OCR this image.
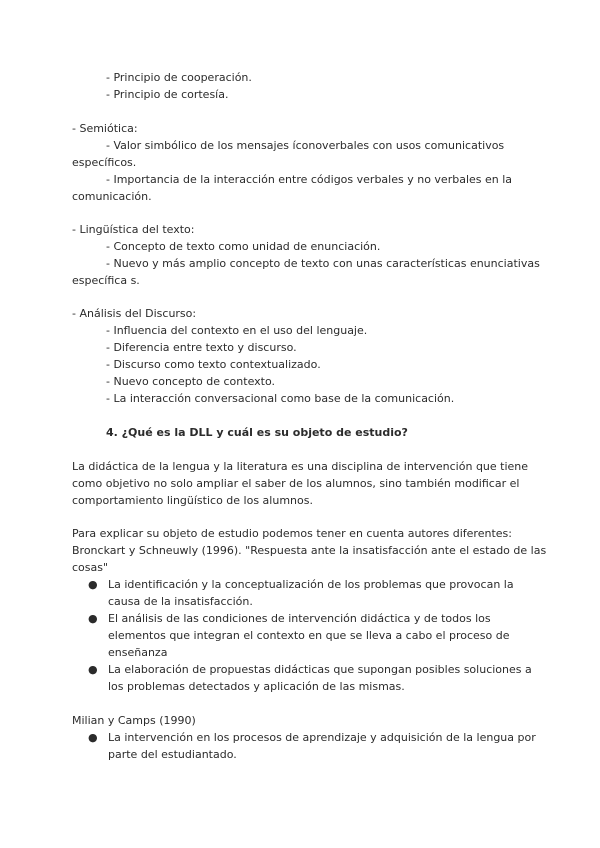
- Principio de cooperación.
- Principio de cortesía.
- Semiótica:
- Valor simbólico de los mensajes íconoverbales con usos comunicativos
específicos.
- Importancia de la interacción entre códigos verbales y no verbales en la
comunicación.
- Lingüística del texto:
- Concepto de texto como unidad de enunciación.
- Nuevo y más amplio concepto de texto con unas características enunciativas
específica s.
- Análisis del Discurso:
- Influencia del contexto en el uso del lenguaje.
- Diferencia entre texto y discurso.
- Discurso como texto contextualizado.
- Nuevo concepto de contexto.
- La interacción conversacional como base de la comunicación.
4. ¿Qué es la DLL y cuál es su objeto de estudio?
La didáctica de la lengua y la literatura es una disciplina de intervención que tiene
como objetivo no solo ampliar el saber de los alumnos, sino también modificar el
comportamiento lingüístico de los alumnos.
Para explicar su objeto de estudio podemos tener en cuenta autores diferentes:
Bronckart y Schneuwly (1996). "Respuesta ante la insatisfacción ante el estado de las
cosas"
● La identificación y la conceptualización de los problemas que provocan la
causa de la insatisfacción.
● El análisis de las condiciones de intervención didáctica y de todos los
elementos que integran el contexto en que se lleva a cabo el proceso de
enseñanza
● La elaboración de propuestas didácticas que supongan posibles soluciones a
los problemas detectados y aplicación de las mismas.
Milian y Camps (1990)
● La intervención en los procesos de aprendizaje y adquisición de la lengua por
parte del estudiantado.
